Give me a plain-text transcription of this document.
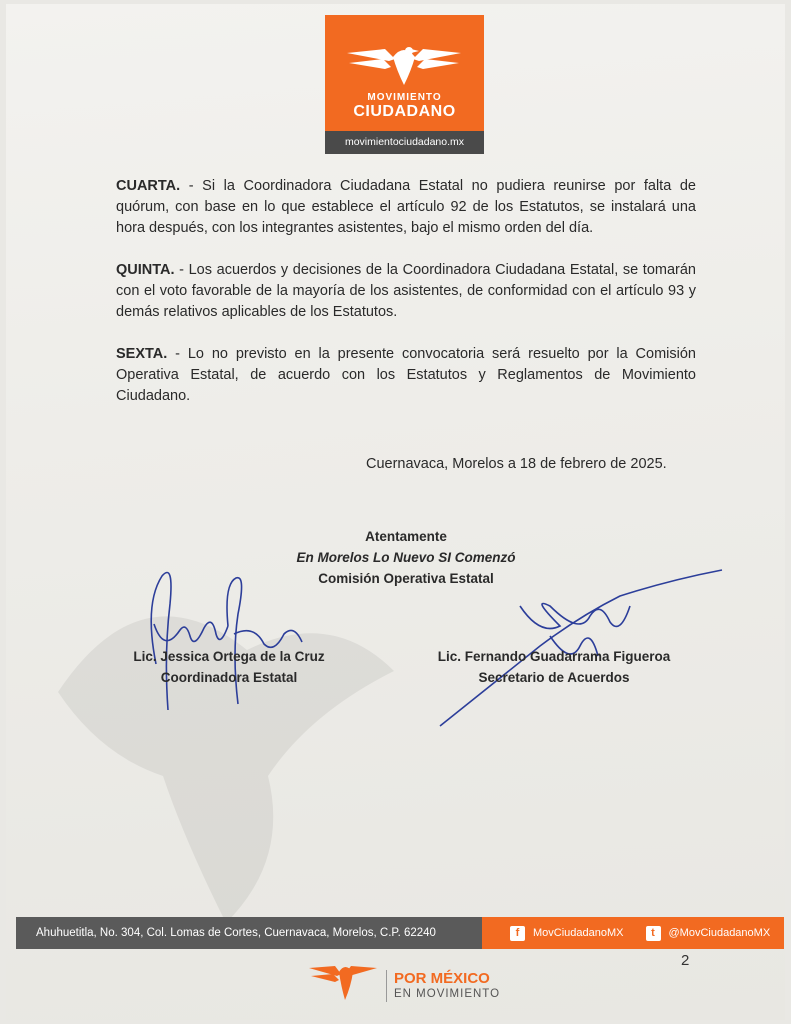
MOVIMIENTO
CIUDADANO
movimientociudadano.mx

CUARTA. - Si la Coordinadora Ciudadana Estatal no pudiera reunirse por falta de quórum, con base en lo que establece el artículo 92 de los Estatutos, se instalará una hora después, con los integrantes asistentes, bajo el mismo orden del día.

QUINTA. - Los acuerdos y decisiones de la Coordinadora Ciudadana Estatal, se tomarán con el voto favorable de la mayoría de los asistentes, de conformidad con el artículo 93 y demás relativos aplicables de los Estatutos.

SEXTA. - Lo no previsto en la presente convocatoria será resuelto por la Comisión Operativa Estatal, de acuerdo con los Estatutos y Reglamentos de Movimiento Ciudadano.

Cuernavaca, Morelos a 18 de febrero de 2025.
Atentamente
En Morelos Lo Nuevo SI Comenzó
Comisión Operativa Estatal
Lic. Jessica Ortega de la Cruz
Coordinadora Estatal
Lic. Fernando Guadarrama Figueroa
Secretario de Acuerdos
Ahuhuetitla, No. 304, Col. Lomas de Cortes, Cuernavaca, Morelos, C.P. 62240	f	MovCiudadanoMX	t	@MovCiudadanoMX
2
POR MÉXICO
EN MOVIMIENTO
